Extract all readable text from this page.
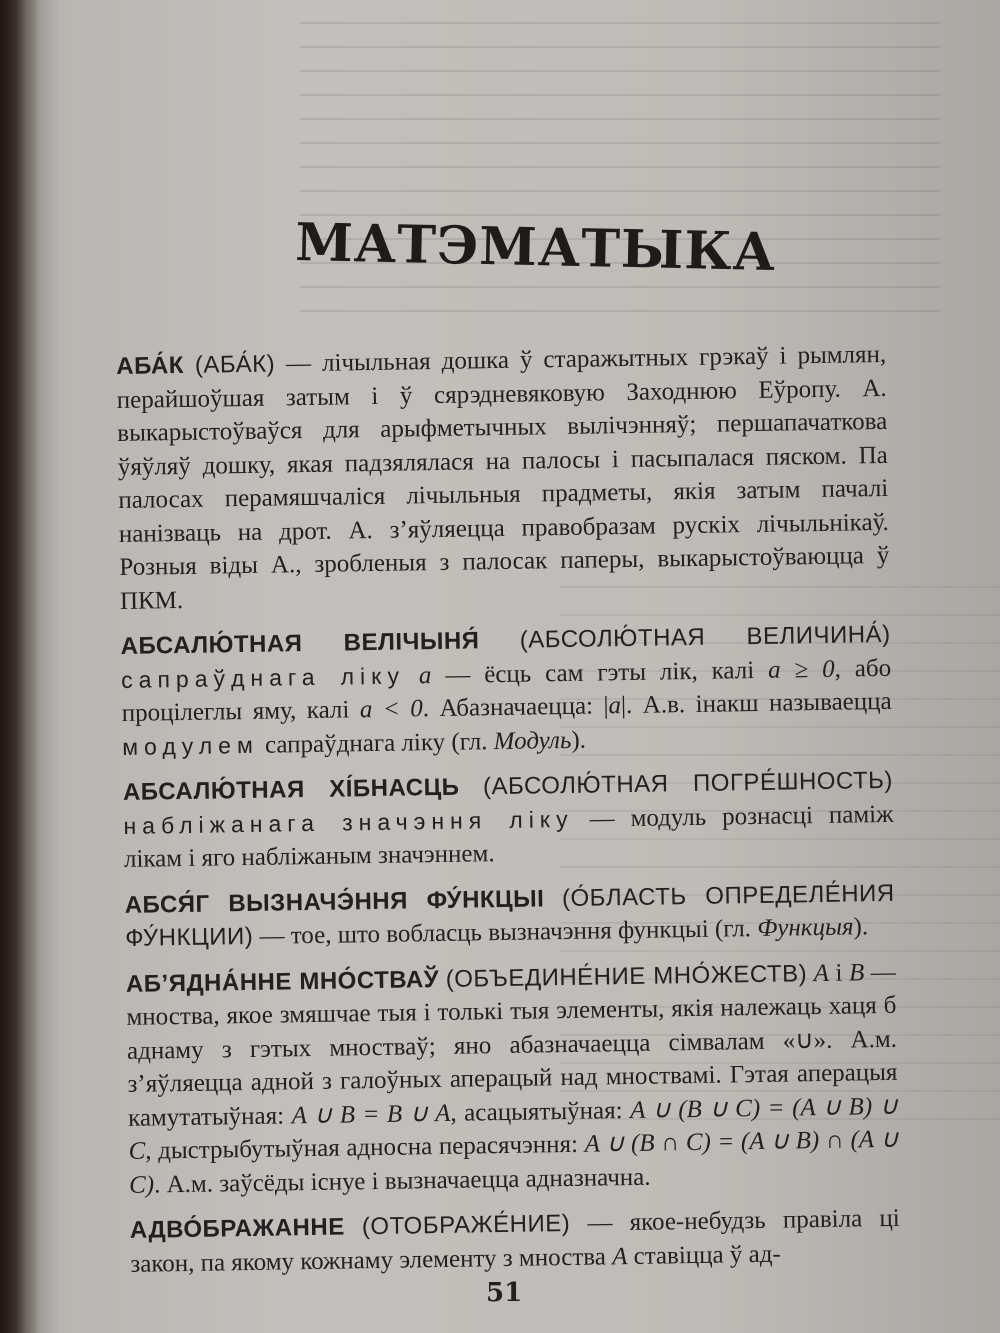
МАТЭМАТЫКА

АБА́К (АБА́К) — лічыльная дошка ў старажытных грэкаў і рымлян, перайшоўшая затым і ў сярэдневяковую Заходнюю Еўропу. А. выкарыстоўваўся для арыфметычных вылічэнняў; першапачаткова ўяўляў дошку, якая падзялялася на палосы і пасыпалася пяском. Па палосах перамяшчаліся лічыльныя прадметы, якія затым пачалі нанізваць на дрот. А. з’яўляецца правобразам рускіх лічыльнікаў. Розныя віды А., зробленыя з палосак паперы, выкарыстоўваюцца ў ПКМ.

АБСАЛЮ́ТНАЯ ВЕЛІЧЫНЯ́ (АБСОЛЮ́ТНАЯ ВЕЛИЧИНА́) сапраўднага ліку a — ёсць сам гэты лік, калі a ≥ 0, або процілеглы яму, калі a < 0. Абазначаецца: |a|. А.в. інакш называецца модулем сапраўднага ліку (гл. Модуль).

АБСАЛЮ́ТНАЯ ХІ́БНАСЦЬ (АБСОЛЮ́ТНАЯ ПОГРЕ́ШНОСТЬ) наблiжанага значэння ліку — модуль рознасці паміж лікам і яго набліжаным значэннем.

АБСЯ́Г ВЫЗНАЧЭ́ННЯ ФУ́НКЦЫІ (О́БЛАСТЬ ОПРЕДЕЛЕ́НИЯ ФУ́НКЦИИ) — тое, што вобласць вызначэння функцыі (гл. Функцыя).

АБ’ЯДНА́ННЕ МНО́СТВАЎ (ОБЪЕДИНЕ́НИЕ МНО́ЖЕСТВ) A і B — мноства, якое змяшчае тыя і толькі тыя элементы, якія належаць хаця б аднаму з гэтых мностваў; яно абазначаецца сімвалам «∪». А.м. з’яўляецца адной з галоўных аперацый над мноствамі. Гэтая аперацыя камутатыўная: A ∪ B = B ∪ A, асацыятыўная: A ∪ (B ∪ C) = (A ∪ B) ∪ C, дыстрыбутыўная адносна перасячэння: A ∪ (B ∩ C) = (A ∪ B) ∩ (A ∪ C). А.м. заўсёды існуе і вызначаецца адназначна.

АДВО́БРАЖАННЕ (ОТОБРАЖЕ́НИЕ) — якое-небудзь правіла ці закон, па якому кожнаму элементу з мноства A ставіцца ў ад-

51
